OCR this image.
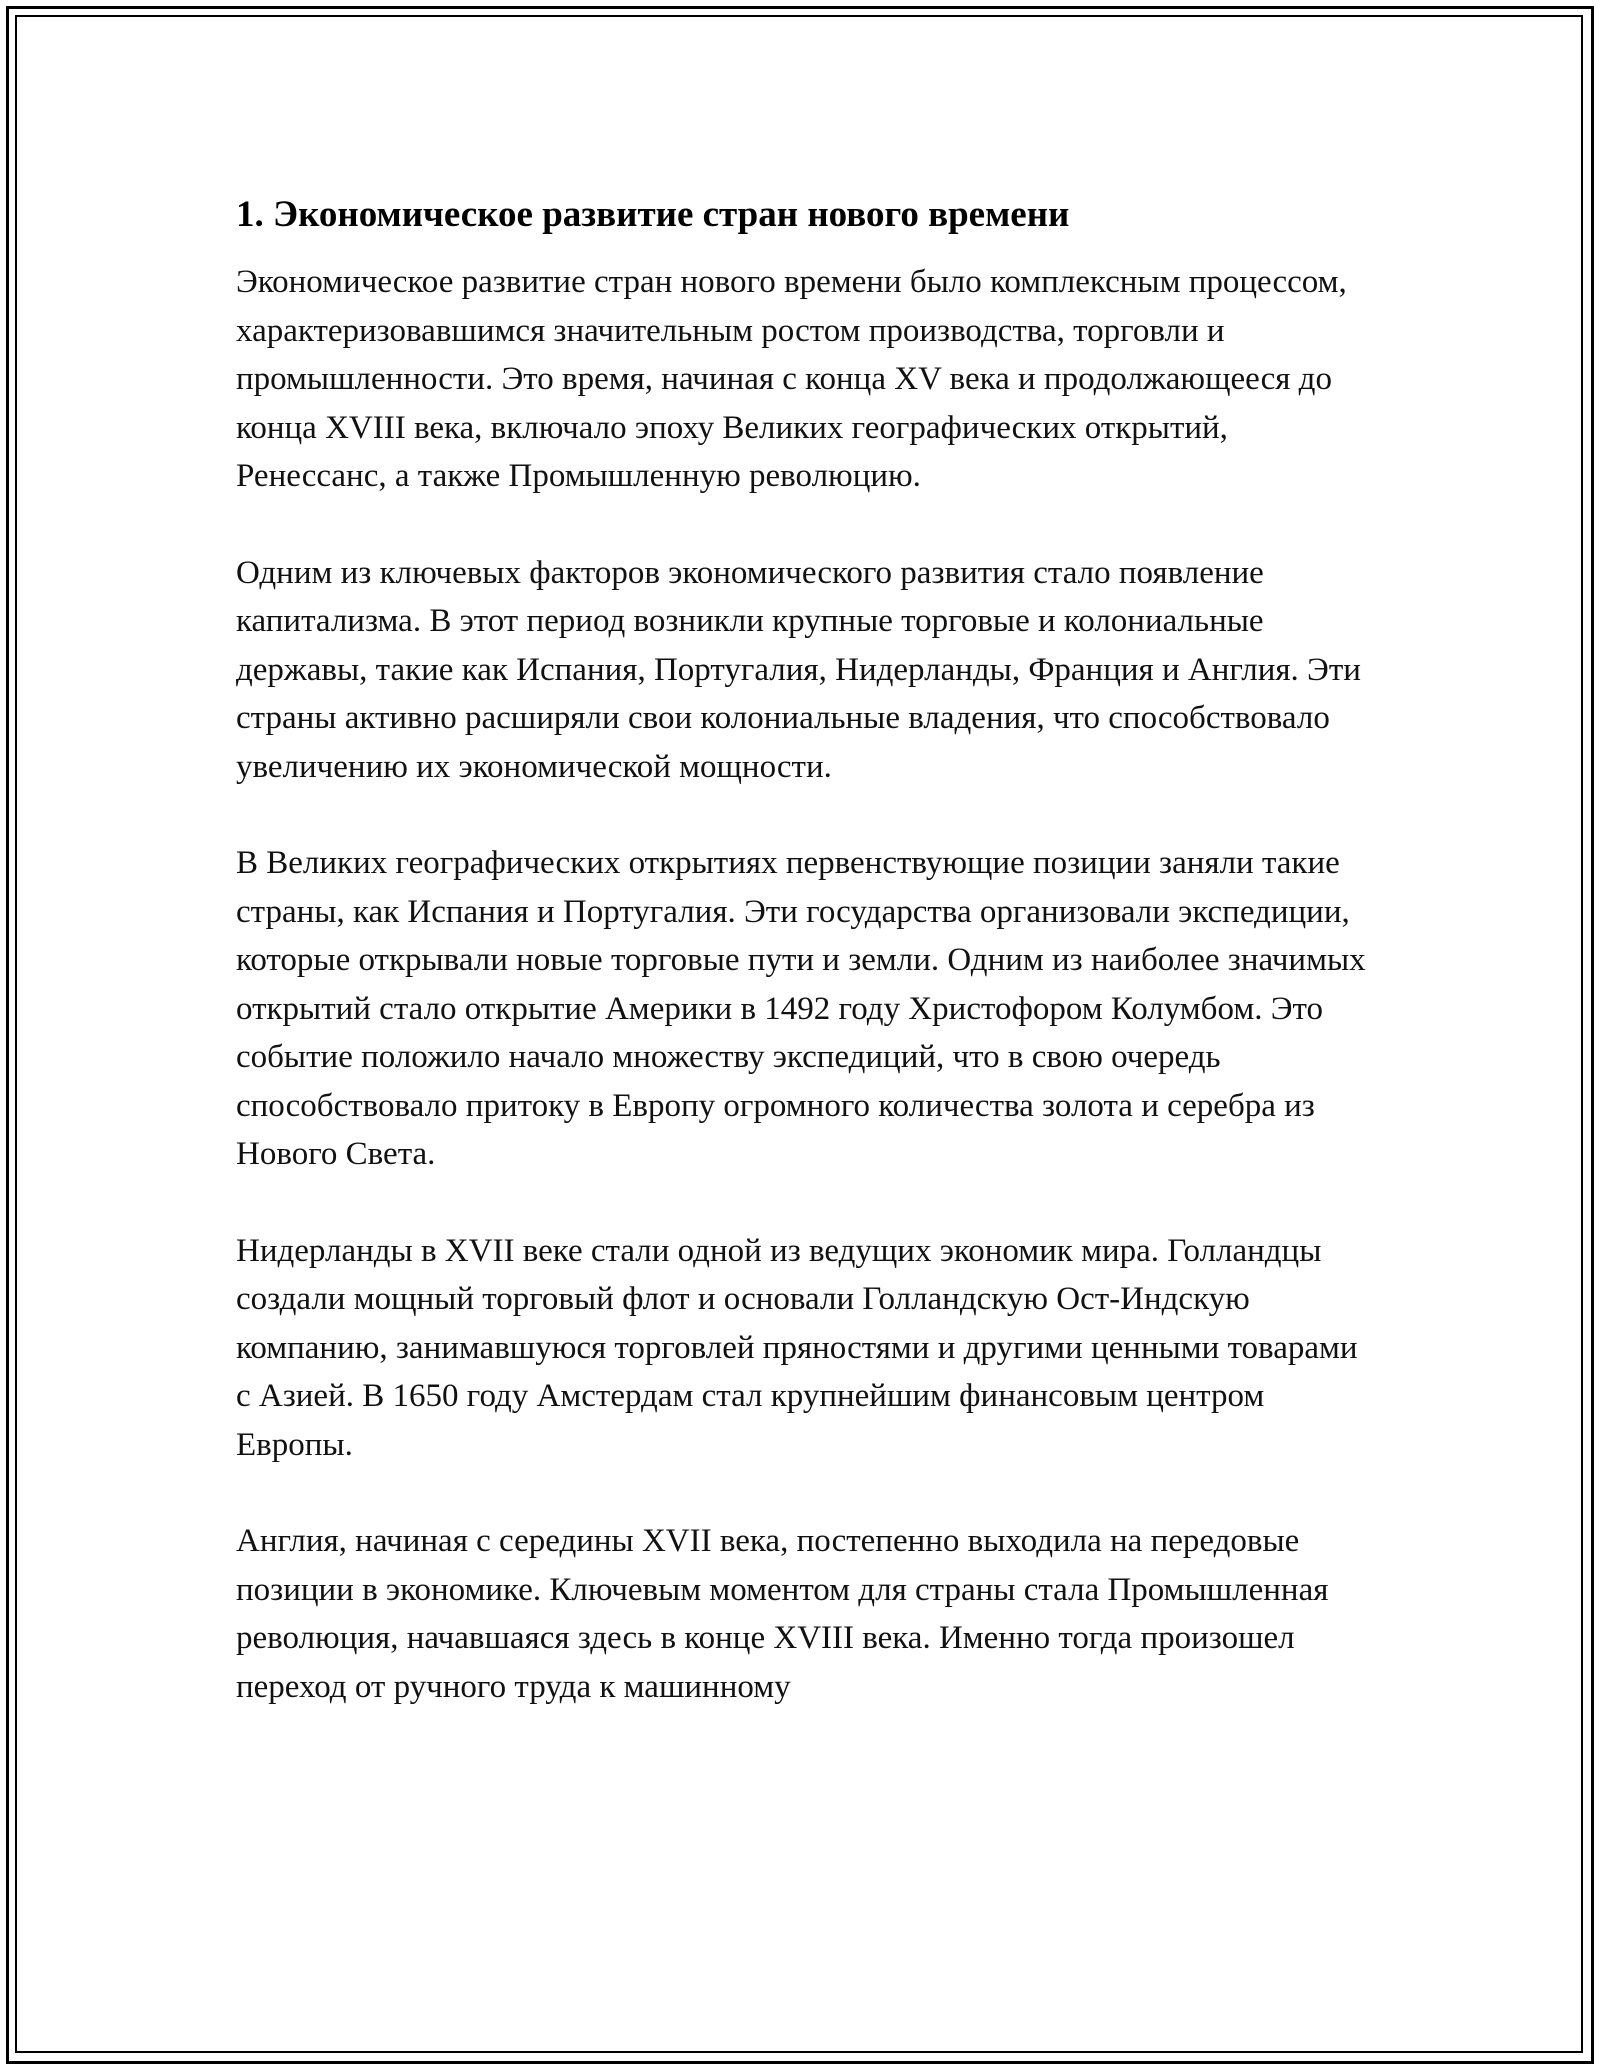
1. Экономическое развитие стран нового времени

Экономическое развитие стран нового времени было комплексным процессом, характеризовавшимся значительным ростом производства, торговли и промышленности. Это время, начиная с конца XV века и продолжающееся до конца XVIII века, включало эпоху Великих географических открытий, Ренессанс, а также Промышленную революцию.

Одним из ключевых факторов экономического развития стало появление капитализма. В этот период возникли крупные торговые и колониальные державы, такие как Испания, Португалия, Нидерланды, Франция и Англия. Эти страны активно расширяли свои колониальные владения, что способствовало увеличению их экономической мощности.

В Великих географических открытиях первенствующие позиции заняли такие страны, как Испания и Португалия. Эти государства организовали экспедиции, которые открывали новые торговые пути и земли. Одним из наиболее значимых открытий стало открытие Америки в 1492 году Христофором Колумбом. Это событие положило начало множеству экспедиций, что в свою очередь способствовало притоку в Европу огромного количества золота и серебра из Нового Света.

Нидерланды в XVII веке стали одной из ведущих экономик мира. Голландцы создали мощный торговый флот и основали Голландскую Ост-Индскую компанию, занимавшуюся торговлей пряностями и другими ценными товарами с Азией. В 1650 году Амстердам стал крупнейшим финансовым центром Европы.

Англия, начиная с середины XVII века, постепенно выходила на передовые позиции в экономике. Ключевым моментом для страны стала Промышленная революция, начавшаяся здесь в конце XVIII века. Именно тогда произошел переход от ручного труда к машинному
